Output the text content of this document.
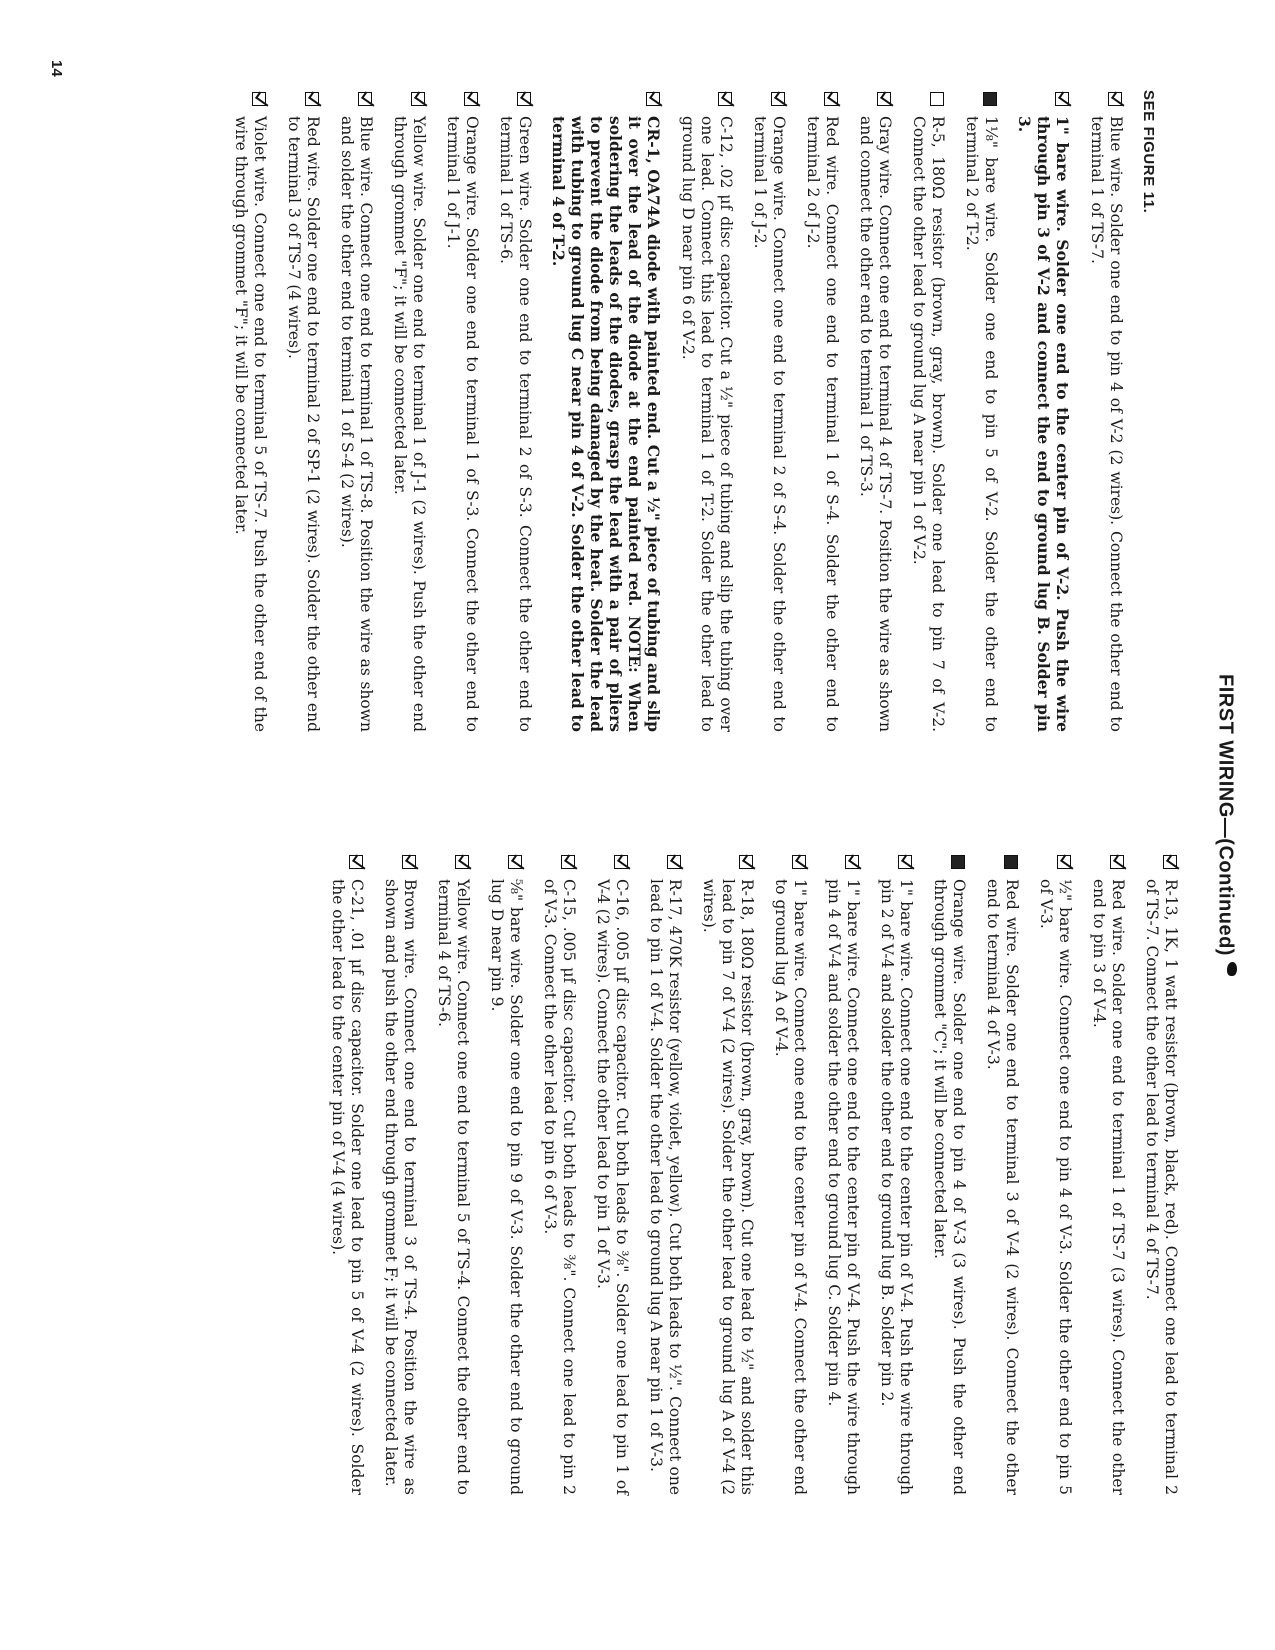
FIRST WIRING—(Continued)
SEE FIGURE 11.
Blue wire. Solder one end to pin 4 of V-2 (2 wires). Connect the other end to terminal 1 of TS-7.
1" bare wire. Solder one end to the center pin of V-2. Push the wire through pin 3 of V-2 and connect the end to ground lug B. Solder pin 3.
1⅛" bare wire. Solder one end to pin 5 of V-2. Solder the other end to terminal 2 of T-2.
R-5, 180Ω resistor (brown, gray, brown). Solder one lead to pin 7 of V-2. Connect the other lead to ground lug A near pin 1 of V-2.
Gray wire. Connect one end to terminal 4 of TS-7. Position the wire as shown and connect the other end to terminal 1 of TS-3.
Red wire. Connect one end to terminal 1 of S-4. Solder the other end to terminal 2 of J-2.
Orange wire. Connect one end to terminal 2 of S-4. Solder the other end to terminal 1 of J-2.
C-12, .02 μf disc capacitor. Cut a ½" piece of tubing and slip the tubing over one lead. Connect this lead to terminal 1 of T-2. Solder the other lead to ground lug D near pin 6 of V-2.
CR-1, OA74A diode with painted end. Cut a ½" piece of tubing and slip it over the lead of the diode at the end painted red. NOTE: When soldering the leads of the diodes, grasp the lead with a pair of pliers to prevent the diode from being damaged by the heat. Solder the lead with tubing to ground lug C near pin 4 of V-2. Solder the other lead to terminal 4 of T-2.
Green wire. Solder one end to terminal 2 of S-3. Connect the other end to terminal 1 of TS-6.
Orange wire. Solder one end to terminal 1 of S-3. Connect the other end to terminal 1 of J-1.
Yellow wire. Solder one end to terminal 1 of J-1 (2 wires). Push the other end through grommet "F"; it will be connected later.
Blue wire. Connect one end to terminal 1 of TS-8. Position the wire as shown and solder the other end to terminal 1 of S-4 (2 wires).
Red wire. Solder one end to terminal 2 of SP-1 (2 wires). Solder the other end to terminal 3 of TS-7 (4 wires).
Violet wire. Connect one end to terminal 5 of TS-7. Push the other end of the wire through grommet "F"; it will be connected later.
R-13, 1K, 1 watt resistor (brown, black, red). Connect one lead to terminal 2 of TS-7. Connect the other lead to terminal 4 of TS-7.
Red wire. Solder one end to terminal 1 of TS-7 (3 wires). Connect the other end to pin 3 of V-4.
½" bare wire. Connect one end to pin 4 of V-3. Solder the other end to pin 5 of V-3.
Red wire. Solder one end to terminal 3 of V-4 (2 wires). Connect the other end to terminal 4 of V-3.
Orange wire. Solder one end to pin 4 of V-3 (3 wires). Push the other end through grommet "C"; it will be connected later.
1" bare wire. Connect one end to the center pin of V-4. Push the wire through pin 2 of V-4 and solder the other end to ground lug B. Solder pin 2.
1" bare wire. Connect one end to the center pin of V-4. Push the wire through pin 4 of V-4 and solder the other end to ground lug C. Solder pin 4.
1" bare wire. Connect one end to the center pin of V-4. Connect the other end to ground lug A of V-4.
R-18, 180Ω resistor (brown, gray, brown). Cut one lead to ½" and solder this lead to pin 7 of V-4 (2 wires). Solder the other lead to ground lug A of V-4 (2 wires).
R-17, 470K resistor (yellow, violet, yellow). Cut both leads to ½". Connect one lead to pin 1 of V-4. Solder the other lead to ground lug A near pin 1 of V-3.
C-16, .005 μf disc capacitor. Cut both leads to ⅜". Solder one lead to pin 1 of V-4 (2 wires). Connect the other lead to pin 1 of V-3.
C-15, .005 μf disc capacitor. Cut both leads to ⅜". Connect one lead to pin 2 of V-3. Connect the other lead to pin 6 of V-3.
⅝" bare wire. Solder one end to pin 9 of V-3. Solder the other end to ground lug D near pin 9.
Yellow wire. Connect one end to terminal 5 of TS-4. Connect the other end to terminal 4 of TS-6.
Brown wire. Connect one end to terminal 3 of TS-4. Position the wire as shown and push the other end through grommet F; it will be connected later.
C-21, .01 μf disc capacitor. Solder one lead to pin 5 of V-4 (2 wires). Solder the other lead to the center pin of V-4 (4 wires).
14
